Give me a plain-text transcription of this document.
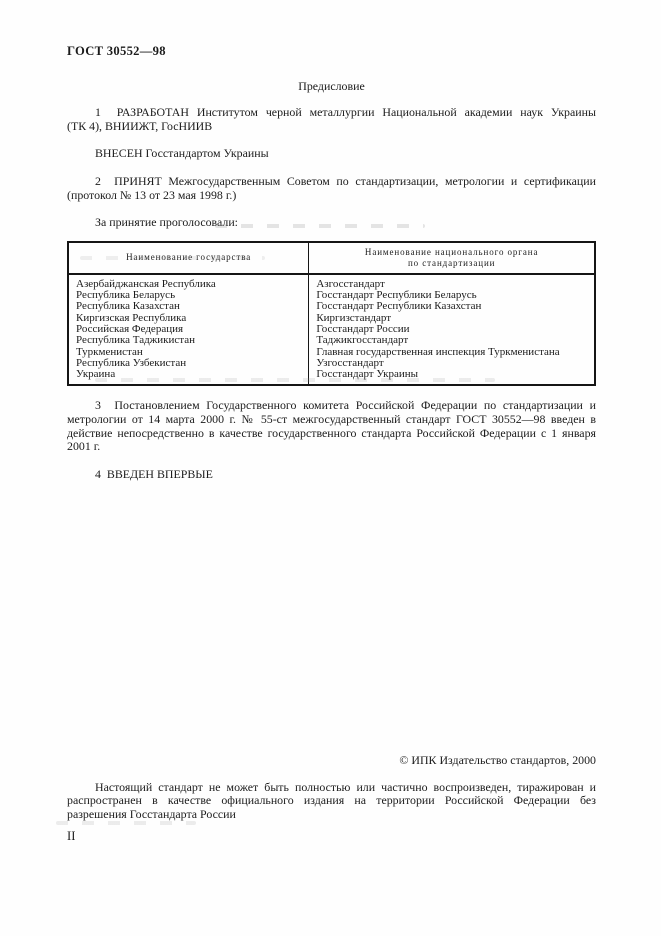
ГОСТ 30552—98
Предисловие
1  РАЗРАБОТАН Институтом черной металлургии Национальной академии наук Украины
(ТК 4), ВНИИЖТ, ГосНИИВ
ВНЕСЕН Госстандартом Украины
2  ПРИНЯТ Межгосударственным Советом по стандартизации, метрологии и сертификации
(протокол № 13 от 23 мая 1998 г.)
За принятие проголосовали:
Наименование государства	Наименование национального органа
по стандартизации

Азербайджанская Республика	Азгосстандарт
Республика Беларусь	Госстандарт Республики Беларусь
Республика Казахстан	Госстандарт Республики Казахстан
Киргизская Республика	Киргизстандарт
Российская Федерация	Госстандарт России
Республика Таджикистан	Таджикгосстандарт
Туркменистан	Главная государственная инспекция Туркменистана
Республика Узбекистан	Узгосстандарт
Украина	Госстандарт Украины
3  Постановлением Государственного комитета Российской Федерации по стандартизации и
метрологии от 14 марта 2000 г. № 55-ст межгосударственный стандарт ГОСТ 30552—98 введен в
действие непосредственно в качестве государственного стандарта Российской Федерации с 1 января
2001 г.
4  ВВЕДЕН ВПЕРВЫЕ
© ИПК Издательство стандартов, 2000
Настоящий стандарт не может быть полностью или частично воспроизведен, тиражирован и
распространен в качестве официального издания на территории Российской Федерации без
разрешения Госстандарта России
II
